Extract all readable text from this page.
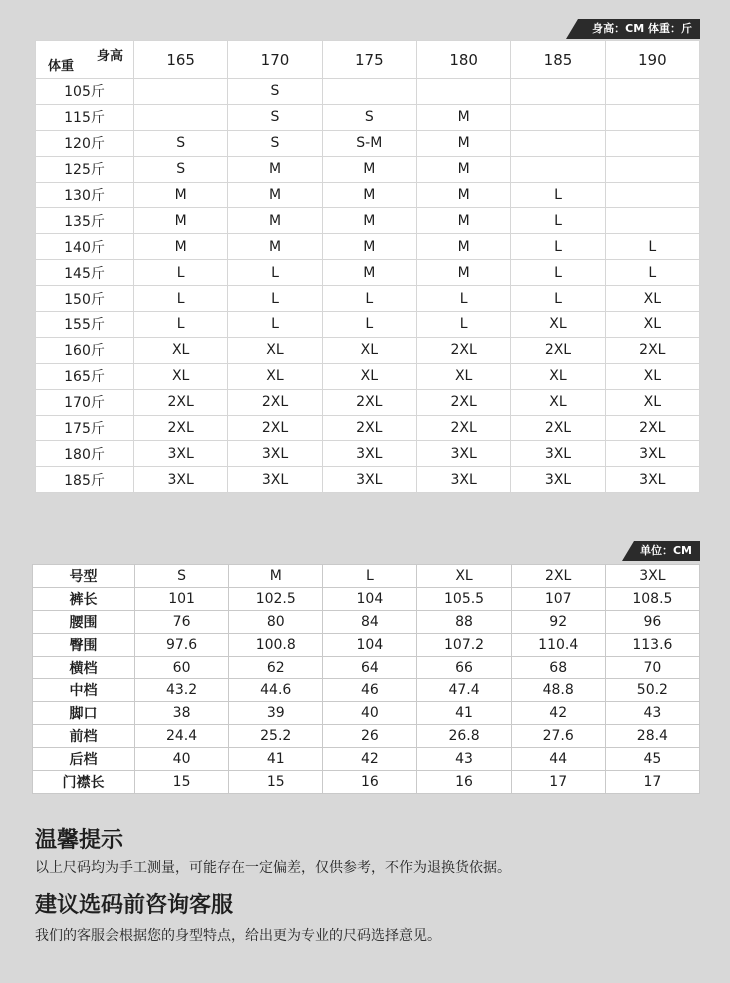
身高：CM 体重：斤
身高
体重	165	170	175	180	185	190
105斤		S				
115斤		S	S	M		
120斤	S	S	S-M	M		
125斤	S	M	M	M		
130斤	M	M	M	M	L	
135斤	M	M	M	M	L	
140斤	M	M	M	M	L	L
145斤	L	L	M	M	L	L
150斤	L	L	L	L	L	XL
155斤	L	L	L	L	XL	XL
160斤	XL	XL	XL	2XL	2XL	2XL
165斤	XL	XL	XL	XL	XL	XL
170斤	2XL	2XL	2XL	2XL	XL	XL
175斤	2XL	2XL	2XL	2XL	2XL	2XL
180斤	3XL	3XL	3XL	3XL	3XL	3XL
185斤	3XL	3XL	3XL	3XL	3XL	3XL
单位：CM
号型	S	M	L	XL	2XL	3XL
裤长	101	102.5	104	105.5	107	108.5
腰围	76	80	84	88	92	96
臀围	97.6	100.8	104	107.2	110.4	113.6
横档	60	62	64	66	68	70
中档	43.2	44.6	46	47.4	48.8	50.2
脚口	38	39	40	41	42	43
前档	24.4	25.2	26	26.8	27.6	28.4
后档	40	41	42	43	44	45
门襟长	15	15	16	16	17	17
温馨提示
以上尺码均为手工测量，可能存在一定偏差，仅供参考，不作为退换货依据。
建议选码前咨询客服
我们的客服会根据您的身型特点，给出更为专业的尺码选择意见。
